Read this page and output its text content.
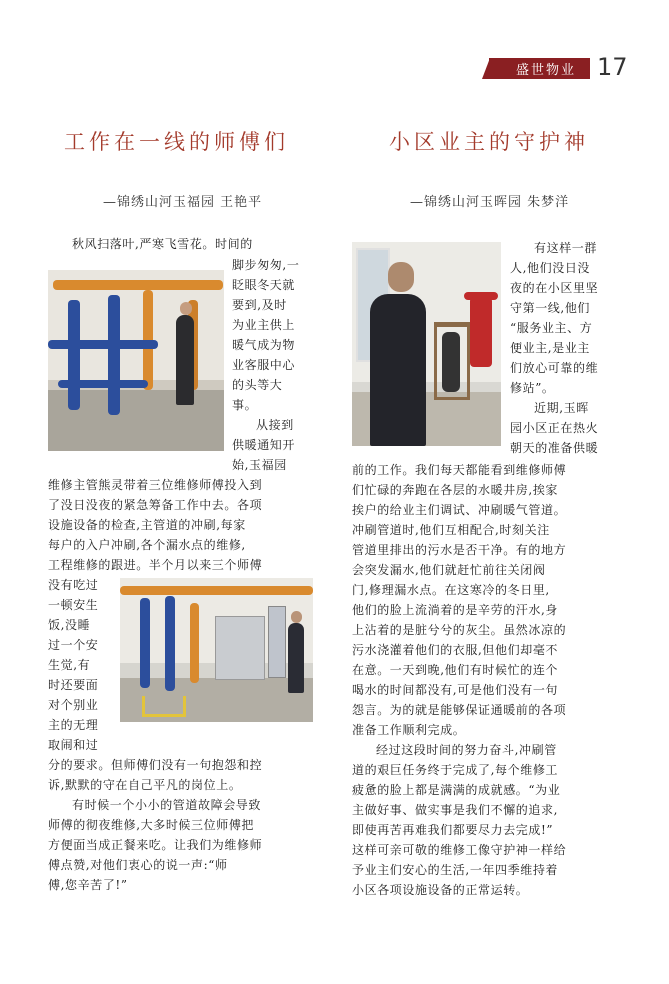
盛世物业 17
工作在一线的师傅们	小区业主的守护神
—锦绣山河玉福园 王艳平	—锦绣山河玉晖园 朱梦洋

秋风扫落叶,严寒飞雪花。时间的

脚步匆匆,一

眨眼冬天就

要到,及时

为业主供上

暖气成为物

业客服中心

的头等大

事。

从接到

供暖通知开

始,玉福园

维修主管熊灵带着三位维修师傅投入到

了没日没夜的紧急筹备工作中去。各项

设施设备的检查,主管道的冲刷,每家

每户的入户冲刷,各个漏水点的维修,

工程维修的跟进。半个月以来三个师傅

没有吃过

一顿安生

饭,没睡

过一个安

生觉,有

时还要面

对个别业

主的无理

取闹和过

分的要求。但师傅们没有一句抱怨和控

诉,默默的守在自己平凡的岗位上。

有时候一个小小的管道故障会导致

师傅的彻夜维修,大多时候三位师傅把

方便面当成正餐来吃。让我们为维修师

傅点赞,对他们衷心的说一声:“师

傅,您辛苦了!”

有这样一群

人,他们没日没

夜的在小区里坚

守第一线,他们

“服务业主、方

便业主,是业主

们放心可靠的维

修站”。

近期,玉晖

园小区正在热火

朝天的准备供暖

前的工作。我们每天都能看到维修师傅

们忙碌的奔跑在各层的水暖井房,挨家

挨户的给业主们调试、冲刷暖气管道。

冲刷管道时,他们互相配合,时刻关注

管道里排出的污水是否干净。有的地方

会突发漏水,他们就赶忙前往关闭阀

门,修理漏水点。在这寒冷的冬日里,

他们的脸上流淌着的是辛劳的汗水,身

上沾着的是脏兮兮的灰尘。虽然冰凉的

污水浇灌着他们的衣服,但他们却毫不

在意。一天到晚,他们有时候忙的连个

喝水的时间都没有,可是他们没有一句

怨言。为的就是能够保证通暖前的各项

准备工作顺利完成。

经过这段时间的努力奋斗,冲刷管

道的艰巨任务终于完成了,每个维修工

疲惫的脸上都是满满的成就感。“为业

主做好事、做实事是我们不懈的追求,

即使再苦再难我们都要尽力去完成!”

这样可亲可敬的维修工像守护神一样给

予业主们安心的生活,一年四季维持着

小区各项设施设备的正常运转。
